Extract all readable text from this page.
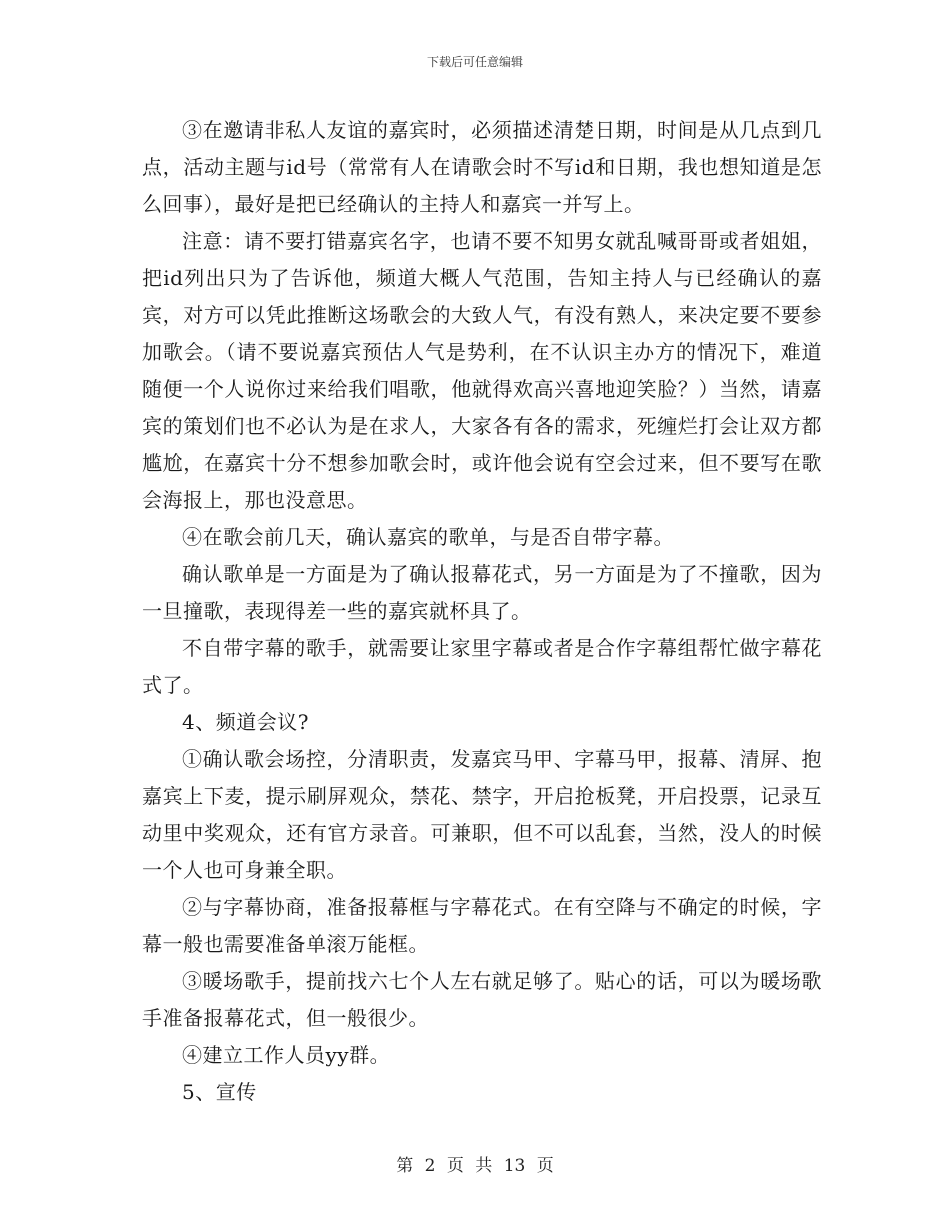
下载后可任意编辑

③在邀请非私人友谊的嘉宾时，必须描述清楚日期，时间是从几点到几点，活动主题与id号（常常有人在请歌会时不写id和日期，我也想知道是怎么回事），最好是把已经确认的主持人和嘉宾一并写上。

注意：请不要打错嘉宾名字，也请不要不知男女就乱喊哥哥或者姐姐，把id列出只为了告诉他，频道大概人气范围，告知主持人与已经确认的嘉宾，对方可以凭此推断这场歌会的大致人气，有没有熟人，来决定要不要参加歌会。（请不要说嘉宾预估人气是势利，在不认识主办方的情况下，难道随便一个人说你过来给我们唱歌，他就得欢高兴喜地迎笑脸？）当然，请嘉宾的策划们也不必认为是在求人，大家各有各的需求，死缠烂打会让双方都尴尬，在嘉宾十分不想参加歌会时，或许他会说有空会过来，但不要写在歌会海报上，那也没意思。

④在歌会前几天，确认嘉宾的歌单，与是否自带字幕。

确认歌单是一方面是为了确认报幕花式，另一方面是为了不撞歌，因为一旦撞歌，表现得差一些的嘉宾就杯具了。

不自带字幕的歌手，就需要让家里字幕或者是合作字幕组帮忙做字幕花式了。

4、频道会议?

①确认歌会场控，分清职责，发嘉宾马甲、字幕马甲，报幕、清屏、抱嘉宾上下麦，提示刷屏观众，禁花、禁字，开启抢板凳，开启投票，记录互动里中奖观众，还有官方录音。可兼职，但不可以乱套，当然，没人的时候一个人也可身兼全职。

②与字幕协商，准备报幕框与字幕花式。在有空降与不确定的时候，字幕一般也需要准备单滚万能框。

③暖场歌手，提前找六七个人左右就足够了。贴心的话，可以为暖场歌手准备报幕花式，但一般很少。

④建立工作人员yy群。

5、宣传

第 2 页 共 13 页
